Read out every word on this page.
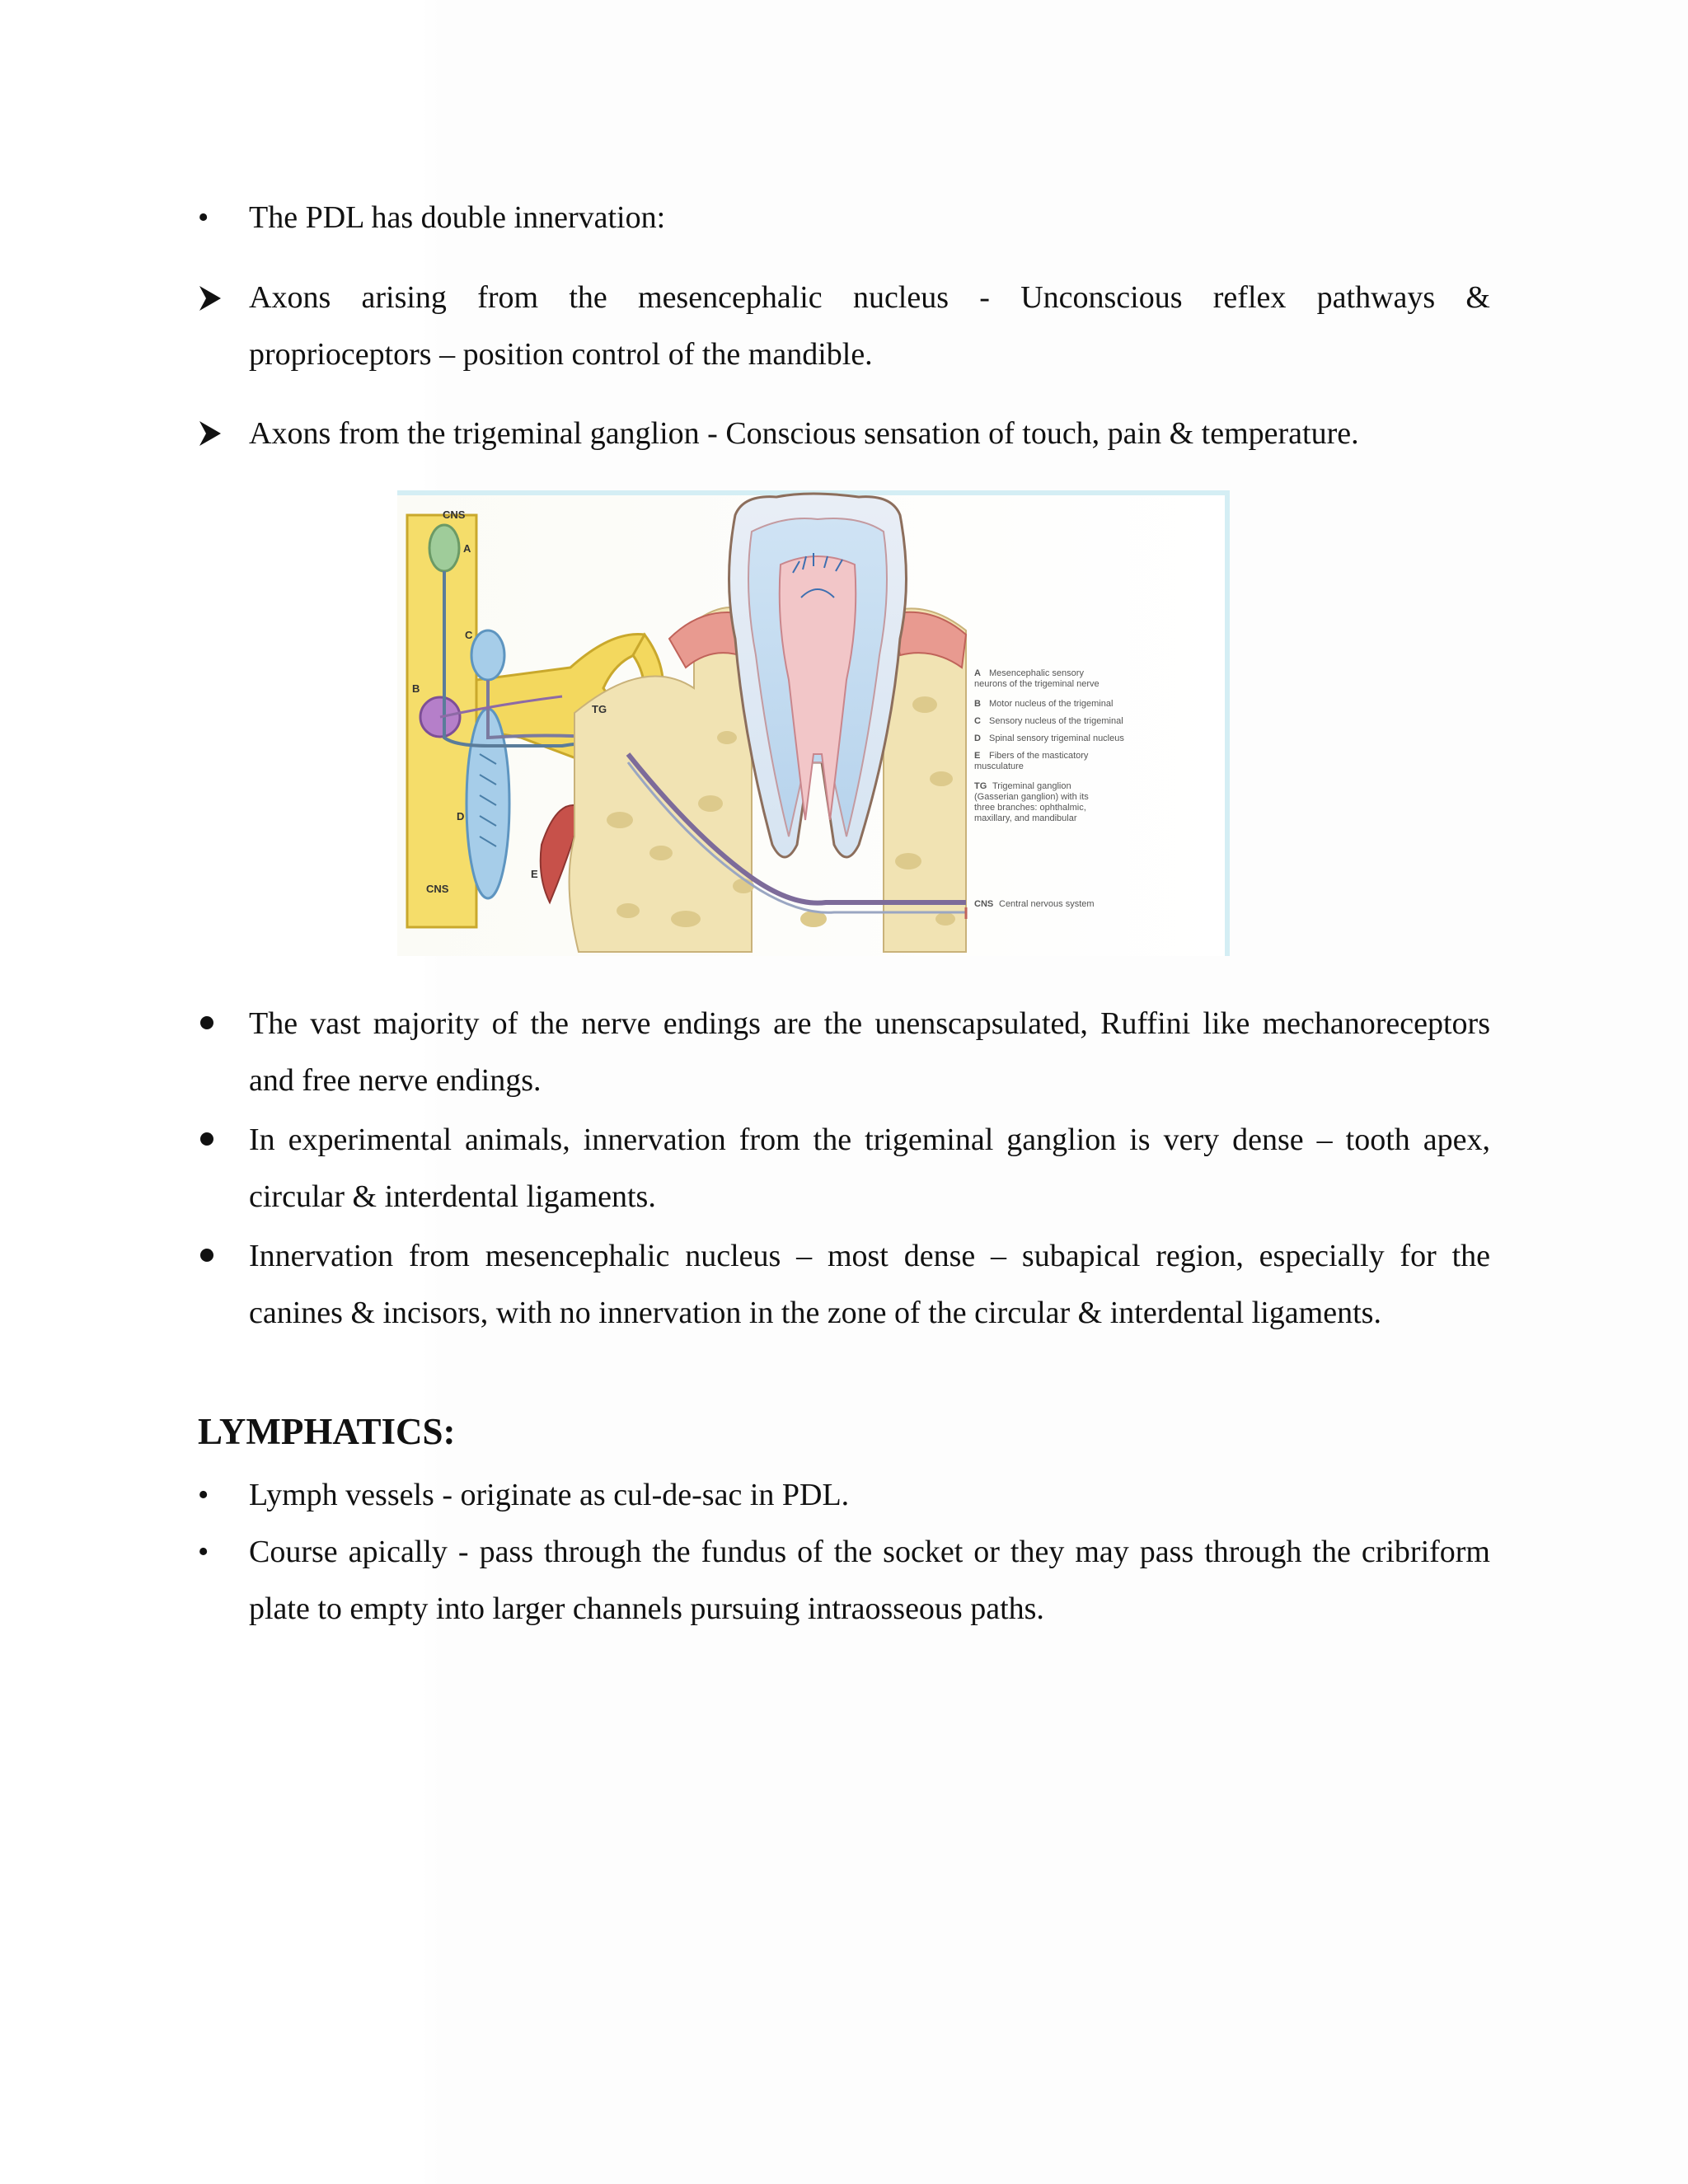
• The PDL has double innervation:
Axons arising from the mesencephalic nucleus - Unconscious reflex pathways &
proprioceptors – position control of the mandible.
Axons from the trigeminal ganglion - Conscious sensation of touch, pain & temperature.
CNS
A
B
C
D
E
TG
CNS
A Mesencephalic sensory
neurons of the trigeminal nerve
B Motor nucleus of the trigeminal
C Sensory nucleus of the trigeminal
D Spinal sensory trigeminal nucleus
E Fibers of the masticatory
musculature
TG Trigeminal ganglion
(Gasserian ganglion) with its
three branches: ophthalmic,
maxillary, and mandibular
CNS Central nervous system
The vast majority of the nerve endings are the unenscapsulated, Ruffini like mechanoreceptors
and free nerve endings.
In experimental animals, innervation from the trigeminal ganglion is very dense – tooth apex,
circular & interdental ligaments.
Innervation from mesencephalic nucleus – most dense – subapical region, especially for the
canines & incisors, with no innervation in the zone of the circular & interdental ligaments.
LYMPHATICS:
• Lymph vessels - originate as cul-de-sac in PDL.
• Course apically - pass through the fundus of the socket or they may pass through the cribriform
plate to empty into larger channels pursuing intraosseous paths.
